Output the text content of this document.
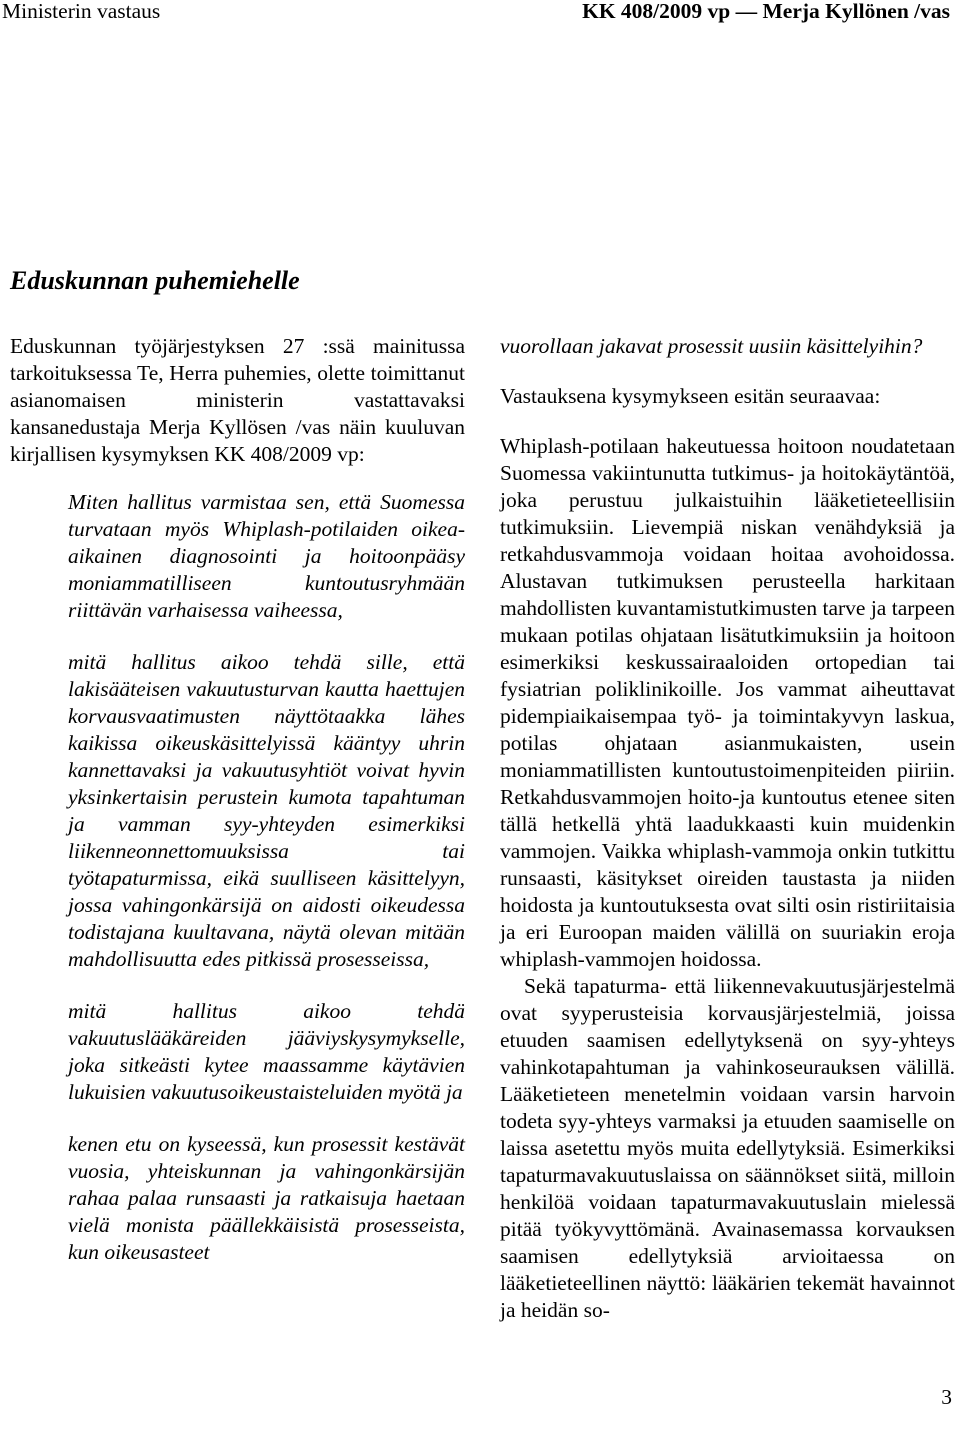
Ministerin vastaus	KK 408/2009 vp — Merja Kyllönen /vas
Eduskunnan puhemiehelle

Eduskunnan työjärjestyksen 27 :ssä mainitussa tarkoituksessa Te, Herra puhemies, olette toimittanut asianomaisen ministerin vastattavaksi kansanedustaja Merja Kyllösen /vas näin kuuluvan kirjallisen kysymyksen KK 408/2009 vp:

Miten hallitus varmistaa sen, että Suomessa turvataan myös Whiplash-potilaiden oikea-aikainen diagnosointi ja hoitoonpääsy moniammatilliseen kuntoutusryhmään riittävän varhaisessa vaiheessa,

mitä hallitus aikoo tehdä sille, että lakisääteisen vakuutusturvan kautta haettujen korvausvaatimusten näyttötaakka lähes kaikissa oikeuskäsittelyissä kääntyy uhrin kannettavaksi ja vakuutusyhtiöt voivat hyvin yksinkertaisin perustein kumota tapahtuman ja vamman syy-yhteyden esimerkiksi liikenneonnettomuuksissa tai työtapaturmissa, eikä suulliseen käsittelyyn, jossa vahingonkärsijä on aidosti oikeudessa todistajana kuultavana, näytä olevan mitään mahdollisuutta edes pitkissä prosesseissa,

mitä hallitus aikoo tehdä vakuutuslääkäreiden jääviyskysymykselle, joka sitkeästi kytee maassamme käytävien lukuisien vakuutusoikeustaisteluiden myötä ja

kenen etu on kyseessä, kun prosessit kestävät vuosia, yhteiskunnan ja vahingonkärsijän rahaa palaa runsaasti ja ratkaisuja haetaan vielä monista päällekkäisistä prosesseista, kun oikeusasteet

vuorollaan jakavat prosessit uusiin käsittelyihin?

Vastauksena kysymykseen esitän seuraavaa:

Whiplash-potilaan hakeutuessa hoitoon noudatetaan Suomessa vakiintunutta tutkimus- ja hoitokäytäntöä, joka perustuu julkaistuihin lääketieteellisiin tutkimuksiin. Lievempiä niskan venähdyksiä ja retkahdusvammoja voidaan hoitaa avohoidossa. Alustavan tutkimuksen perusteella harkitaan mahdollisten kuvantamistutkimusten tarve ja tarpeen mukaan potilas ohjataan lisätutkimuksiin ja hoitoon esimerkiksi keskussairaaloiden ortopedian tai fysiatrian poliklinikoille. Jos vammat aiheuttavat pidempiaikaisempaa työ- ja toimintakyvyn laskua, potilas ohjataan asianmukaisten, usein moniammatillisten kuntoutustoimenpiteiden piiriin. Retkahdusvammojen hoito-ja kuntoutus etenee siten tällä hetkellä yhtä laadukkaasti kuin muidenkin vammojen. Vaikka whiplash-vammoja onkin tutkittu runsaasti, käsitykset oireiden taustasta ja niiden hoidosta ja kuntoutuksesta ovat silti osin ristiriitaisia ja eri Euroopan maiden välillä on suuriakin eroja whiplash-vammojen hoidossa.

Sekä tapaturma- että liikennevakuutusjärjestelmä ovat syyperusteisia korvausjärjestelmiä, joissa etuuden saamisen edellytyksenä on syy-yhteys vahinkotapahtuman ja vahinkoseurauksen välillä. Lääketieteen menetelmin voidaan varsin harvoin todeta syy-yhteys varmaksi ja etuuden saamiselle on laissa asetettu myös muita edellytyksiä. Esimerkiksi tapaturmavakuutuslaissa on säännökset siitä, milloin henkilöä voidaan tapaturmavakuutuslain mielessä pitää työkyvyttömänä. Avainasemassa korvauksen saamisen edellytyksiä arvioitaessa on lääketieteellinen näyttö: lääkärien tekemät havainnot ja heidän so-

3
